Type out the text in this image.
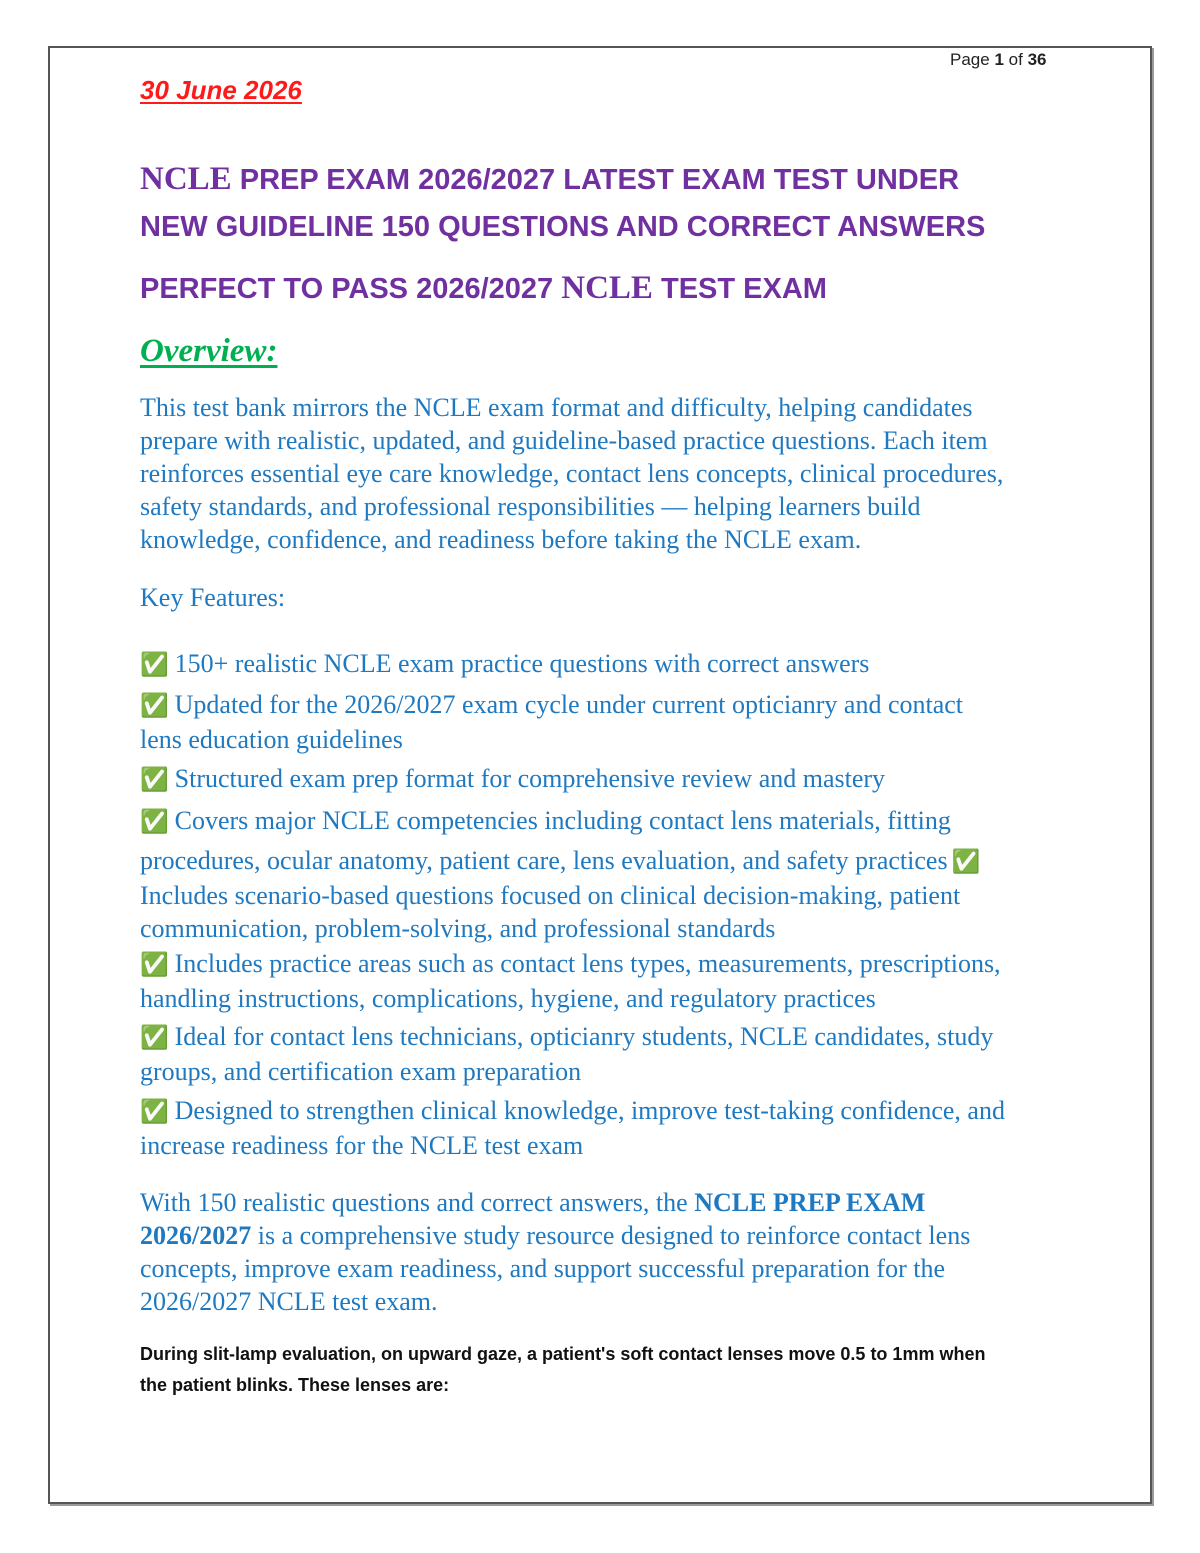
Page 1 of 36
30 June 2026
NCLE PREP EXAM 2026/2027 LATEST EXAM TEST UNDER
NEW GUIDELINE 150 QUESTIONS AND CORRECT ANSWERS
PERFECT TO PASS 2026/2027 NCLE TEST EXAM
Overview:
This test bank mirrors the NCLE exam format and difficulty, helping candidates
prepare with realistic, updated, and guideline-based practice questions. Each item
reinforces essential eye care knowledge, contact lens concepts, clinical procedures,
safety standards, and professional responsibilities — helping learners build
knowledge, confidence, and readiness before taking the NCLE exam.
Key Features:
✅ 150+ realistic NCLE exam practice questions with correct answers
✅ Updated for the 2026/2027 exam cycle under current opticianry and contact
lens education guidelines
✅ Structured exam prep format for comprehensive review and mastery
✅ Covers major NCLE competencies including contact lens materials, fitting
procedures, ocular anatomy, patient care, lens evaluation, and safety practices ✅
Includes scenario-based questions focused on clinical decision-making, patient
communication, problem-solving, and professional standards
✅ Includes practice areas such as contact lens types, measurements, prescriptions,
handling instructions, complications, hygiene, and regulatory practices
✅ Ideal for contact lens technicians, opticianry students, NCLE candidates, study
groups, and certification exam preparation
✅ Designed to strengthen clinical knowledge, improve test-taking confidence, and
increase readiness for the NCLE test exam
With 150 realistic questions and correct answers, the NCLE PREP EXAM
2026/2027 is a comprehensive study resource designed to reinforce contact lens
concepts, improve exam readiness, and support successful preparation for the
2026/2027 NCLE test exam.
During slit-lamp evaluation, on upward gaze, a patient's soft contact lenses move 0.5 to 1mm when
the patient blinks. These lenses are:
